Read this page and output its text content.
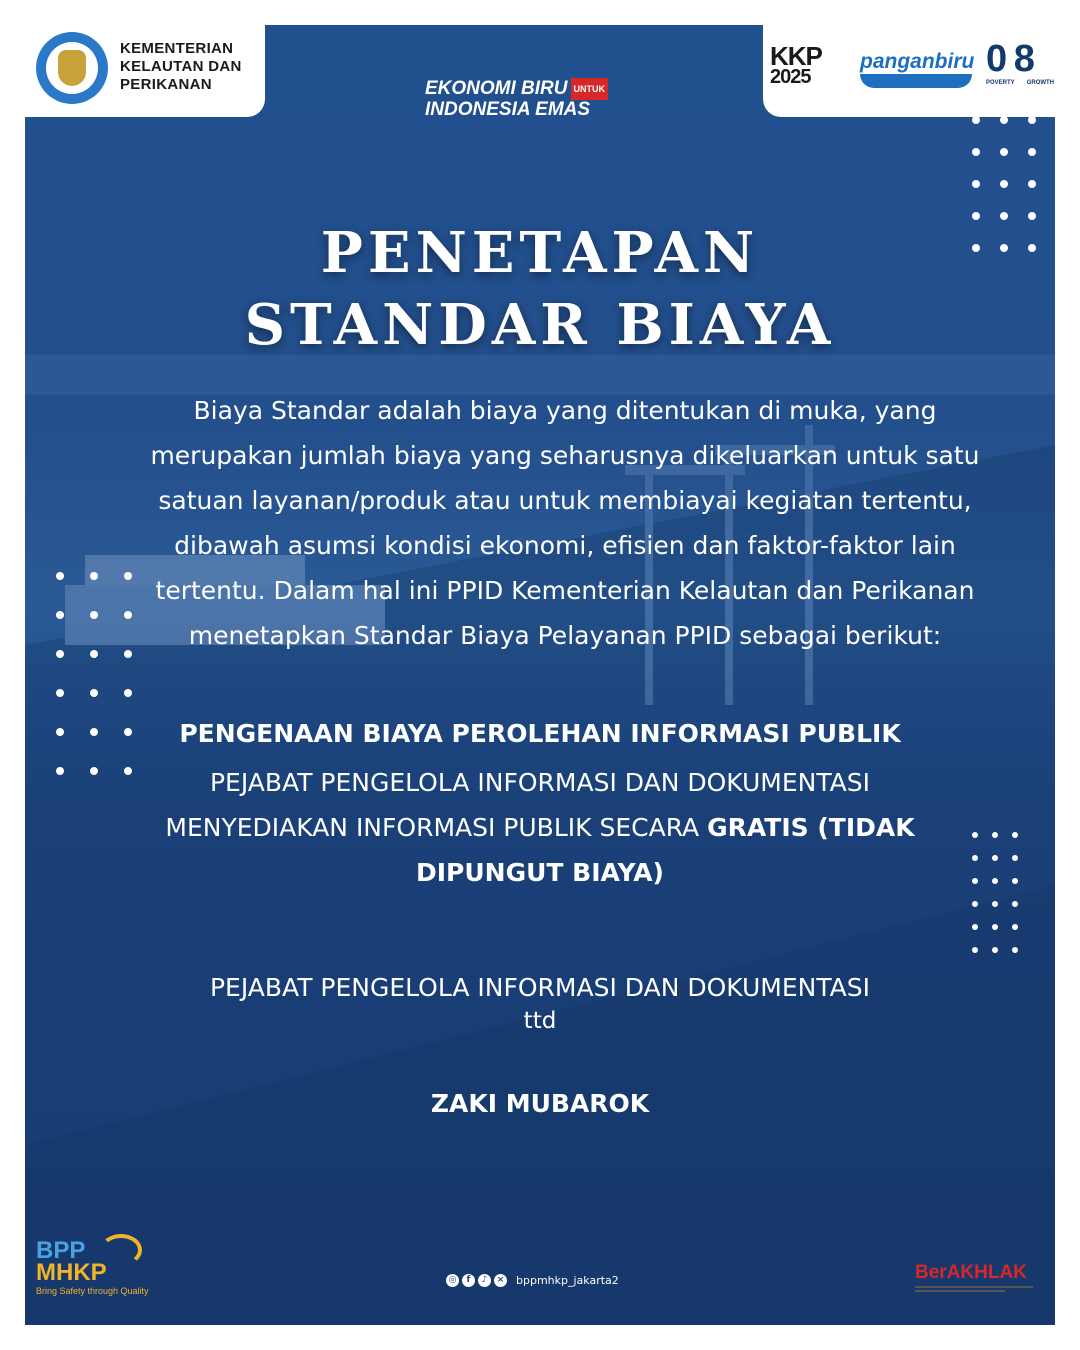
KEMENTERIAN
KELAUTAN DAN
PERIKANAN	EKONOMI BIRU UNTUK
INDONESIA EMAS
KKP
2025
panganbiru 0 8
POVERTY GROWTH
PENETAPAN
STANDAR BIAYA

Biaya Standar adalah biaya yang ditentukan di muka, yang

merupakan jumlah biaya yang seharusnya dikeluarkan untuk satu

satuan layanan/produk atau untuk membiayai kegiatan tertentu,

dibawah asumsi kondisi ekonomi, efisien dan faktor-faktor lain

tertentu. Dalam hal ini PPID Kementerian Kelautan dan Perikanan

menetapkan Standar Biaya Pelayanan PPID sebagai berikut:

PENGENAAN BIAYA PEROLEHAN INFORMASI PUBLIK
PEJABAT PENGELOLA INFORMASI DAN DOKUMENTASI
MENYEDIAKAN INFORMASI PUBLIK SECARA GRATIS (TIDAK
DIPUNGUT BIAYA)
PEJABAT PENGELOLA INFORMASI DAN DOKUMENTASI
ttd
ZAKI MUBAROK
BPP
MHKP
Bring Safety through Quality
◎	f	♪	× bppmhkp_jakarta2	BerAKHLAK
